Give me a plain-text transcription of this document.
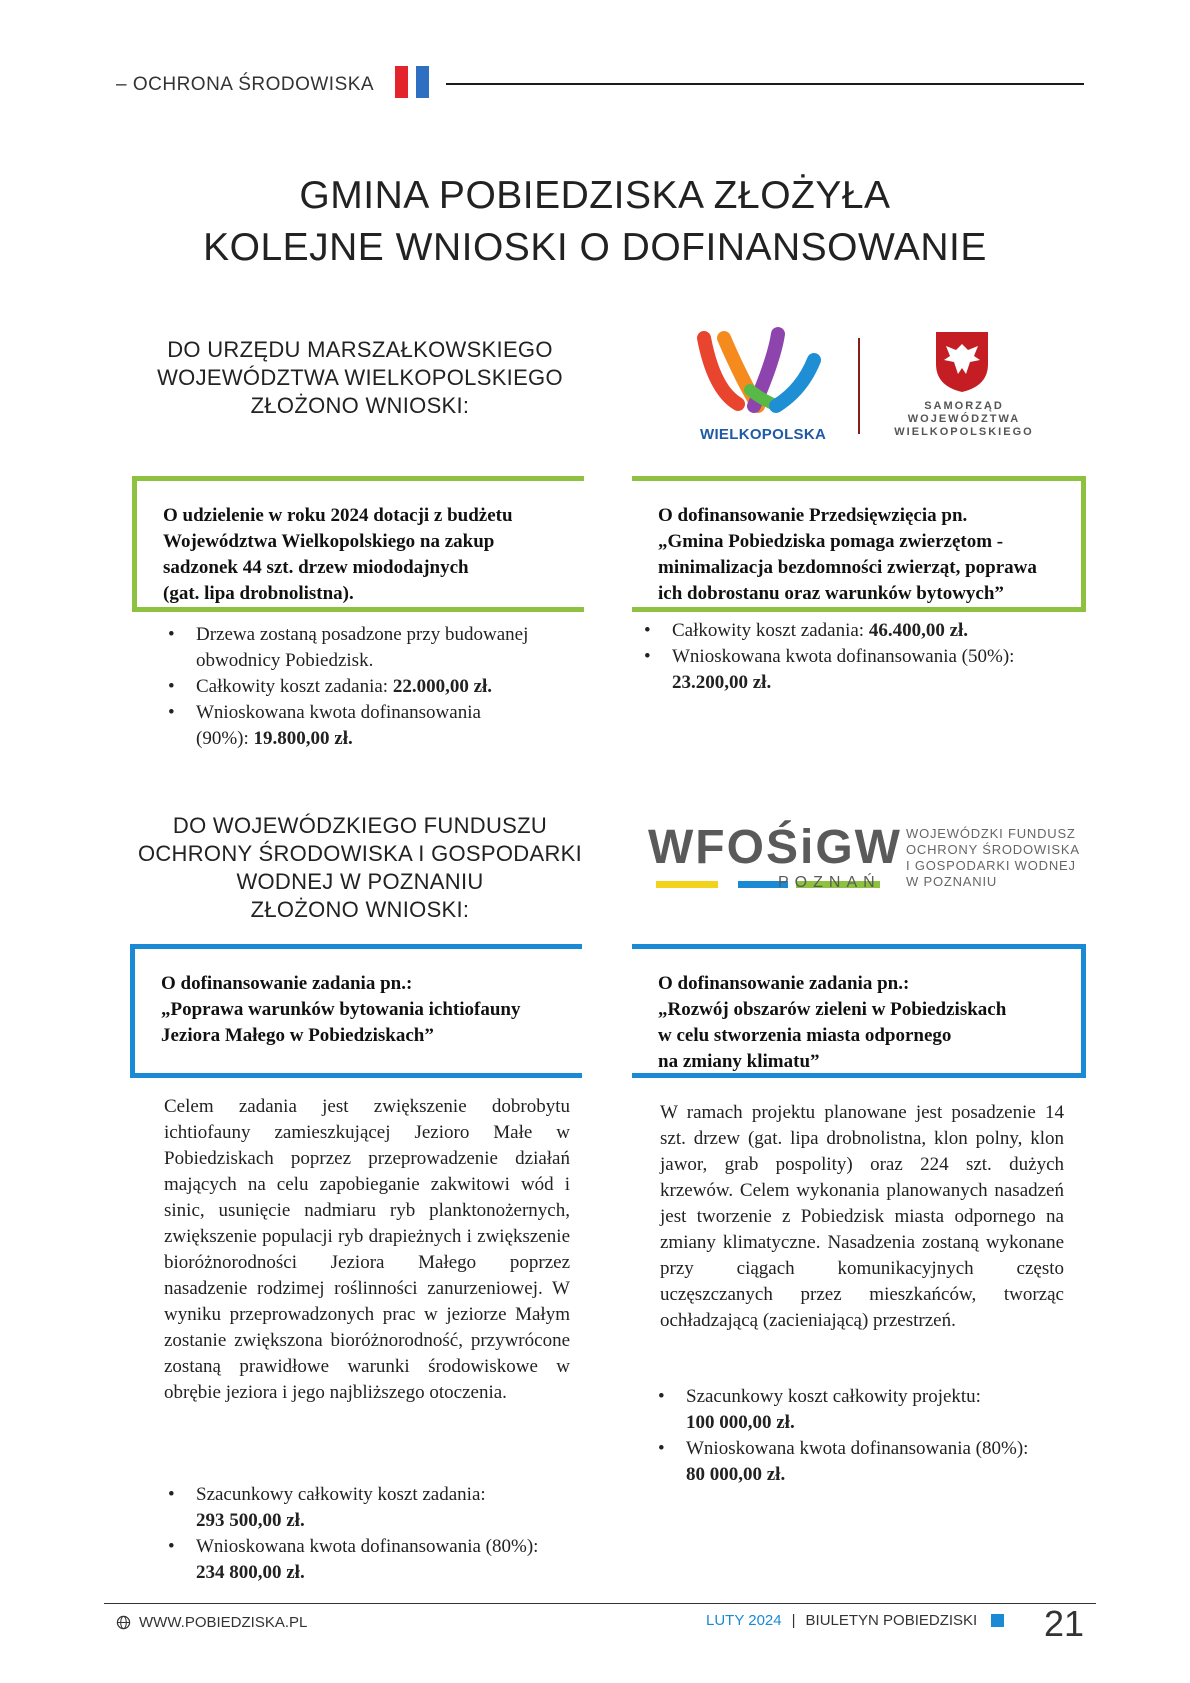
– OCHRONA ŚRODOWISKA
GMINA POBIEDZISKA ZŁOŻYŁA
KOLEJNE WNIOSKI O DOFINANSOWANIE
DO URZĘDU MARSZAŁKOWSKIEGO
WOJEWÓDZTWA WIELKOPOLSKIEGO
ZŁOŻONO WNIOSKI:
WIELKOPOLSKA
SAMORZĄD
WOJEWÓDZTWA
WIELKOPOLSKIEGO
O udzielenie w roku 2024 dotacji z budżetu
Województwa Wielkopolskiego na zakup
sadzonek 44 szt. drzew miododajnych
(gat. lipa drobnolistna).
• Drzewa zostaną posadzone przy budowanej
obwodnicy Pobiedzisk.
• Całkowity koszt zadania: 22.000,00 zł.
• Wnioskowana kwota dofinansowania
(90%): 19.800,00 zł.
O dofinansowanie Przedsięwzięcia pn.
„Gmina Pobiedziska pomaga zwierzętom -
minimalizacja bezdomności zwierząt, poprawa
ich dobrostanu oraz warunków bytowych”
• Całkowity koszt zadania: 46.400,00 zł.
• Wnioskowana kwota dofinansowania (50%):
23.200,00 zł.
DO WOJEWÓDZKIEGO FUNDUSZU
OCHRONY ŚRODOWISKA I GOSPODARKI
WODNEJ W POZNANIU
ZŁOŻONO WNIOSKI:
WFOŚiGW
POZNAŃ
WOJEWÓDZKI FUNDUSZ
OCHRONY ŚRODOWISKA
I GOSPODARKI WODNEJ
W POZNANIU
O dofinansowanie zadania pn.:
„Poprawa warunków bytowania ichtiofauny
Jeziora Małego w Pobiedziskach”
Celem zadania jest zwiększenie dobrobytu ichtiofauny zamieszkującej Jezioro Małe w Pobiedziskach poprzez przeprowadzenie działań mających na celu zapobieganie zakwitowi wód i sinic, usunięcie nadmiaru ryb planktonożernych, zwiększenie populacji ryb drapieżnych i zwiększenie bioróżnorodności Jeziora Małego poprzez nasadzenie rodzimej roślinności zanurzeniowej. W wyniku przeprowadzonych prac w jeziorze Małym zostanie zwiększona bioróżnorodność, przywrócone zostaną prawidłowe warunki środowiskowe w obrębie jeziora i jego najbliższego otoczenia.
• Szacunkowy całkowity koszt zadania:
293 500,00 zł.
• Wnioskowana kwota dofinansowania (80%):
234 800,00 zł.
O dofinansowanie zadania pn.:
„Rozwój obszarów zieleni w Pobiedziskach
w celu stworzenia miasta odpornego
na zmiany klimatu”
W ramach projektu planowane jest posadzenie 14 szt. drzew (gat. lipa drobnolistna, klon polny, klon jawor, grab pospolity) oraz 224 szt. dużych krzewów. Celem wykonania planowanych nasadzeń jest tworzenie z Pobiedzisk miasta odpornego na zmiany klimatyczne. Nasadzenia zostaną wykonane przy ciągach komunikacyjnych często uczęszczanych przez mieszkańców, tworząc ochładzającą (zacieniającą) przestrzeń.
• Szacunkowy koszt całkowity projektu:
100 000,00 zł.
• Wnioskowana kwota dofinansowania (80%):
80 000,00 zł.
WWW.POBIEDZISKA.PL	LUTY 2024 | BIULETYN POBIEDZISKI 21
